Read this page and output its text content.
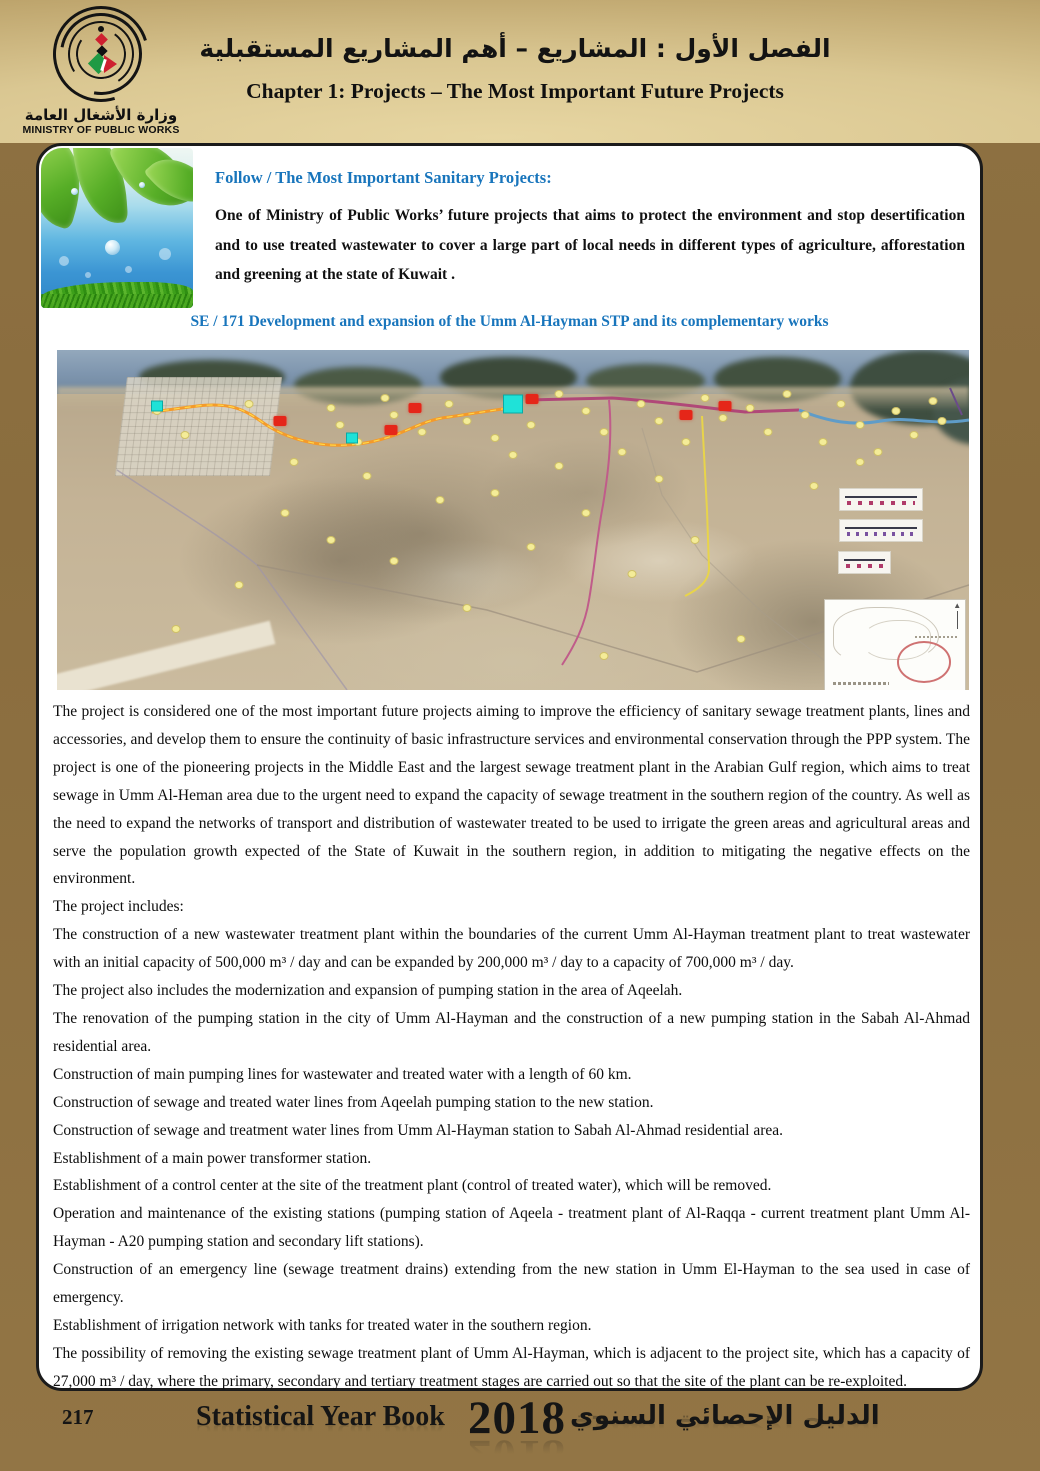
وزارة الأشغال العامة
MINISTRY OF PUBLIC WORKS
الفصل الأول : المشاريع – أهم المشاريع المستقبلية
Chapter 1: Projects – The Most Important Future Projects
Follow / The Most Important Sanitary Projects:

One of Ministry of Public Works’ future projects that aims to protect the environment and stop desertification and to use treated wastewater to cover a large part of local needs in different types of agriculture, afforestation and greening at the state of Kuwait .

SE / 171 Development and expansion of the Umm Al-Hayman STP and its complementary works
▲

The project is considered one of the most important future projects aiming to improve the efficiency of sanitary sewage treatment plants, lines and accessories, and develop them to ensure the continuity of basic infrastructure services and environmental conservation through the PPP system. The project is one of the pioneering projects in the Middle East and the largest sewage treatment plant in the Arabian Gulf region, which aims to treat sewage in Umm Al-Heman area due to the urgent need to expand the capacity of sewage treatment in the southern region of the country. As well as the need to expand the networks of transport and distribution of wastewater treated to be used to irrigate the green areas and agricultural areas and serve the population growth expected of the State of Kuwait in the southern region, in addition to mitigating the negative effects on the environment.

The project includes:

The construction of a new wastewater treatment plant within the boundaries of the current Umm Al-Hayman treatment plant to treat wastewater with an initial capacity of 500,000 m³ / day and can be expanded by 200,000 m³ / day to a capacity of 700,000 m³ / day.

The project also includes the modernization and expansion of pumping station in the area of Aqeelah.

The renovation of the pumping station in the city of Umm Al-Hayman and the construction of a new pumping station in the Sabah Al-Ahmad residential area.

Construction of main pumping lines for wastewater and treated water with a length of 60 km.

Construction of sewage and treated water lines from Aqeelah pumping station to the new station.

Construction of sewage and treatment water lines from Umm Al-Hayman station to Sabah Al-Ahmad residential area.

Establishment of a main power transformer station.

Establishment of a control center at the site of the treatment plant (control of treated water), which will be removed.

Operation and maintenance of the existing stations (pumping station of Aqeela - treatment plant of Al-Raqqa - current treatment plant Umm Al-Hayman - A20 pumping station and secondary lift stations).

Construction of an emergency line (sewage treatment drains) extending from the new station in Umm El-Hayman to the sea used in case of emergency.

Establishment of irrigation network with tanks for treated water in the southern region.

The possibility of removing the existing sewage treatment plant of Umm Al-Hayman, which is adjacent to the project site, which has a capacity of 27,000 m³ / day, where the primary, secondary and tertiary treatment stages are carried out so that the site of the plant can be re-exploited.

217	Statistical Year Book 2018 الدليل الإحصائي السنوي
